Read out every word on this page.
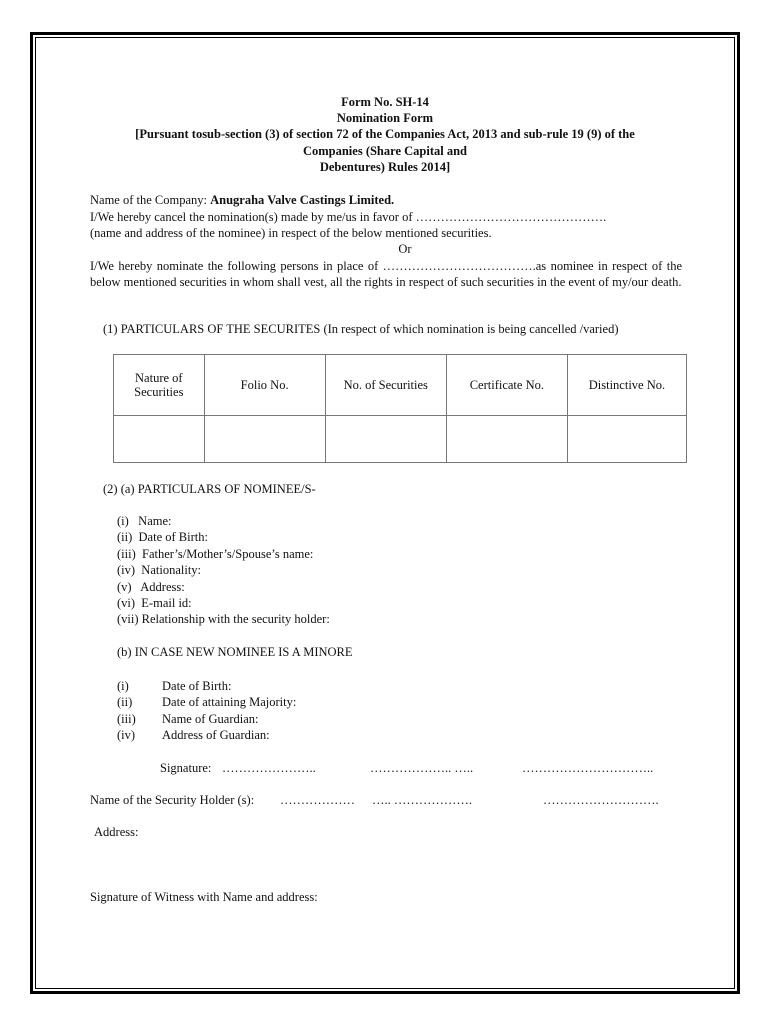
Form No. SH-14
Nomination Form
[Pursuant tosub-section (3) of section 72 of the Companies Act, 2013 and sub-rule 19 (9) of the
Companies (Share Capital and
Debentures) Rules 2014]
Name of the Company: Anugraha Valve Castings Limited.
I/We hereby cancel the nomination(s) made by me/us in favor of ……………………………………….
(name and address of the nominee) in respect of the below mentioned securities.
Or
I/We hereby nominate the following persons in place of ……………………………….as nominee in respect of the below mentioned securities in whom shall vest, all the rights in respect of such securities in the event of my/our death.
(1) PARTICULARS OF THE SECURITES (In respect of which nomination is being cancelled /varied)
Nature of Securities	Folio No.	No. of Securities	Certificate No.	Distinctive No.

(2) (a) PARTICULARS OF NOMINEE/S-
(i)   Name:
(ii)  Date of Birth:
(iii)  Father’s/Mother’s/Spouse’s name:
(iv)  Nationality:
(v)   Address:
(vi)  E-mail id:
(vii) Relationship with the security holder:
(b) IN CASE NEW NOMINEE IS A MINORE
(i)	Date of Birth:
(ii) Date of attaining Majority:
(iii) Name of Guardian:
(iv) Address of Guardian:
Signature: …………………..	……………….. …..	…………………………..
Name of the Security Holder (s): ……………… ….. ……………….	……………………….
Address:
Signature of Witness with Name and address:
